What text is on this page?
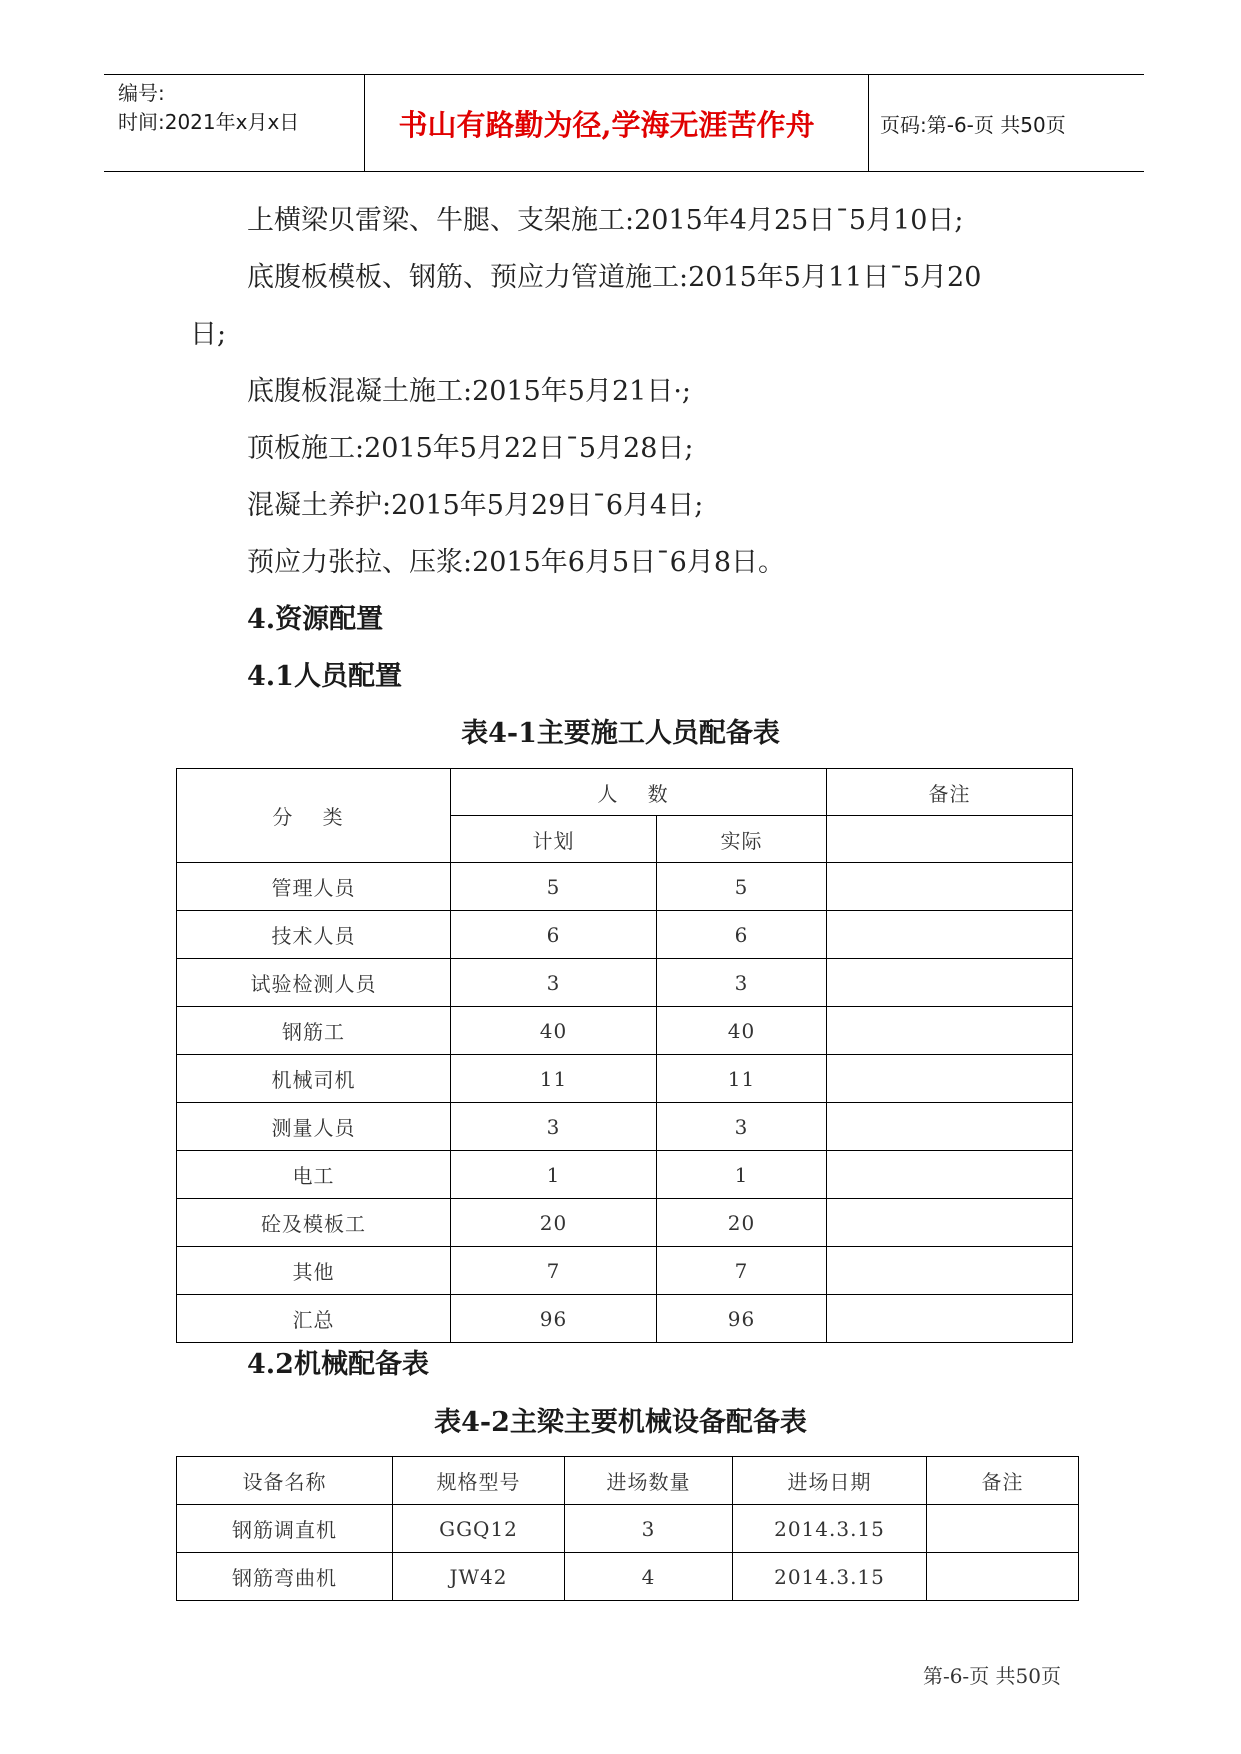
编号:
时间:2021年x月x日	书山有路勤为径,学海无涯苦作舟	页码:第-6-页 共50页
上横梁贝雷梁、牛腿、支架施工:2015年4月25日¯5月10日;
底腹板模板、钢筋、预应力管道施工:2015年5月11日¯5月20
日;
底腹板混凝土施工:2015年5月21日·;
顶板施工:2015年5月22日¯5月28日;
混凝土养护:2015年5月29日¯6月4日;
预应力张拉、压浆:2015年6月5日¯6月8日。
4.资源配置
4.1人员配置
表4-1主要施工人员配备表
分 类	人 数		备注
	计划	实际	
管理人员	5	5	
技术人员	6	6	
试验检测人员	3	3	
钢筋工	40	40	
机械司机	11	11	
测量人员	3	3	
电工	1	1	
砼及模板工	20	20	
其他	7	7	
汇总	96	96	
4.2机械配备表
表4-2主梁主要机械设备配备表
设备名称	规格型号	进场数量	进场日期	备注
钢筋调直机	GGQ12	3	2014.3.15	
钢筋弯曲机	JW42	4	2014.3.15	
第-6-页 共50页
